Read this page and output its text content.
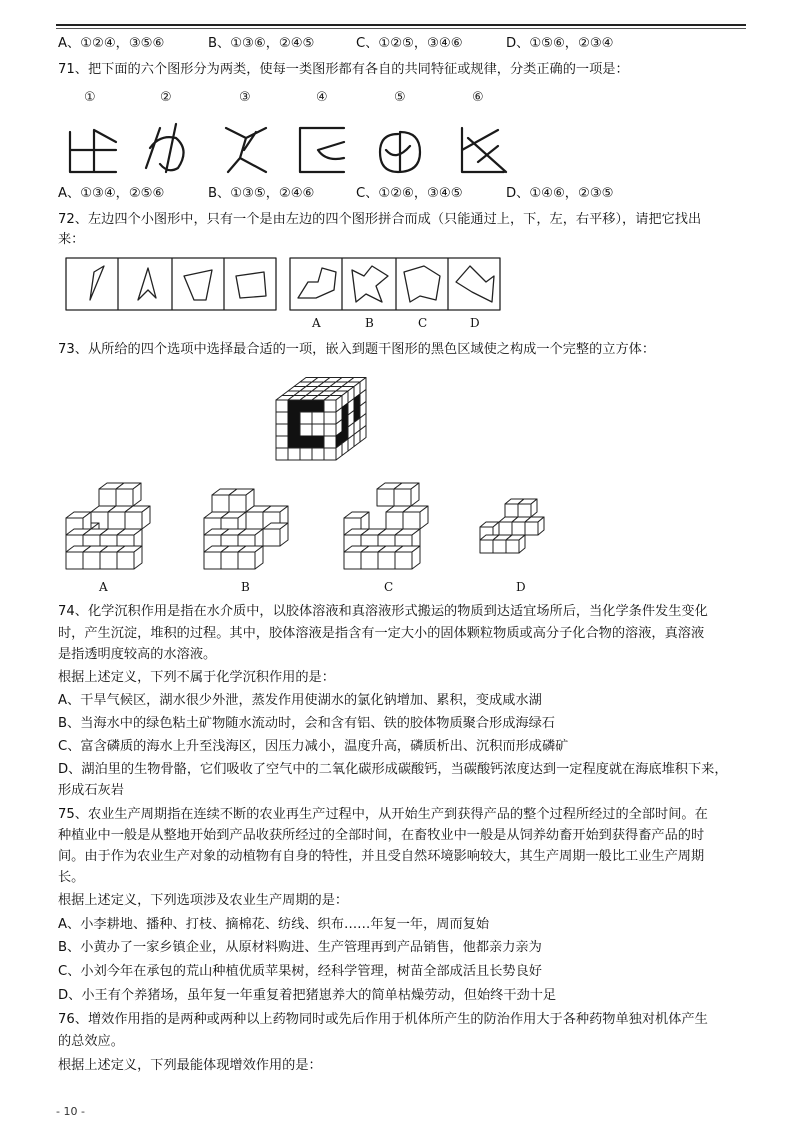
A、①②④，③⑤⑥	B、①③⑥，②④⑤	C、①②⑤，③④⑥	D、①⑤⑥，②③④
71、把下面的六个图形分为两类，使每一类图形都有各自的共同特征或规律，分类正确的一项是：
①	②	③	④	⑤	⑥
A、①③④，②⑤⑥	B、①③⑤，②④⑥	C、①②⑥，③④⑤	D、①④⑥，②③⑤
72、左边四个小图形中，只有一个是由左边的四个图形拼合而成（只能通过上，下，左，右平移），请把它找出
来：
A	B	C	D
73、从所给的四个选项中选择最合适的一项，嵌入到题干图形的黑色区域使之构成一个完整的立方体：
A	B	C	D
74、化学沉积作用是指在水介质中，以胶体溶液和真溶液形式搬运的物质到达适宜场所后，当化学条件发生变化
时，产生沉淀，堆积的过程。其中，胶体溶液是指含有一定大小的固体颗粒物质或高分子化合物的溶液，真溶液
是指透明度较高的水溶液。
根据上述定义，下列不属于化学沉积作用的是：
A、干旱气候区，湖水很少外泄，蒸发作用使湖水的氯化钠增加、累积，变成咸水湖
B、当海水中的绿色粘土矿物随水流动时，会和含有铝、铁的胶体物质聚合形成海绿石
C、富含磷质的海水上升至浅海区，因压力减小，温度升高，磷质析出、沉积而形成磷矿
D、湖泊里的生物骨骼，它们吸收了空气中的二氧化碳形成碳酸钙，当碳酸钙浓度达到一定程度就在海底堆积下来，
形成石灰岩
75、农业生产周期指在连续不断的农业再生产过程中，从开始生产到获得产品的整个过程所经过的全部时间。在
种植业中一般是从整地开始到产品收获所经过的全部时间，在畜牧业中一般是从饲养幼畜开始到获得畜产品的时
间。由于作为农业生产对象的动植物有自身的特性，并且受自然环境影响较大，其生产周期一般比工业生产周期
长。
根据上述定义，下列选项涉及农业生产周期的是：
A、小李耕地、播种、打枝、摘棉花、纺线、织布……年复一年，周而复始
B、小黄办了一家乡镇企业，从原材料购进、生产管理再到产品销售，他都亲力亲为
C、小刘今年在承包的荒山种植优质苹果树，经科学管理，树苗全部成活且长势良好
D、小王有个养猪场，虽年复一年重复着把猪崽养大的简单枯燥劳动，但始终干劲十足
76、增效作用指的是两种或两种以上药物同时或先后作用于机体所产生的防治作用大于各种药物单独对机体产生
的总效应。
根据上述定义，下列最能体现增效作用的是：
- 10 -
